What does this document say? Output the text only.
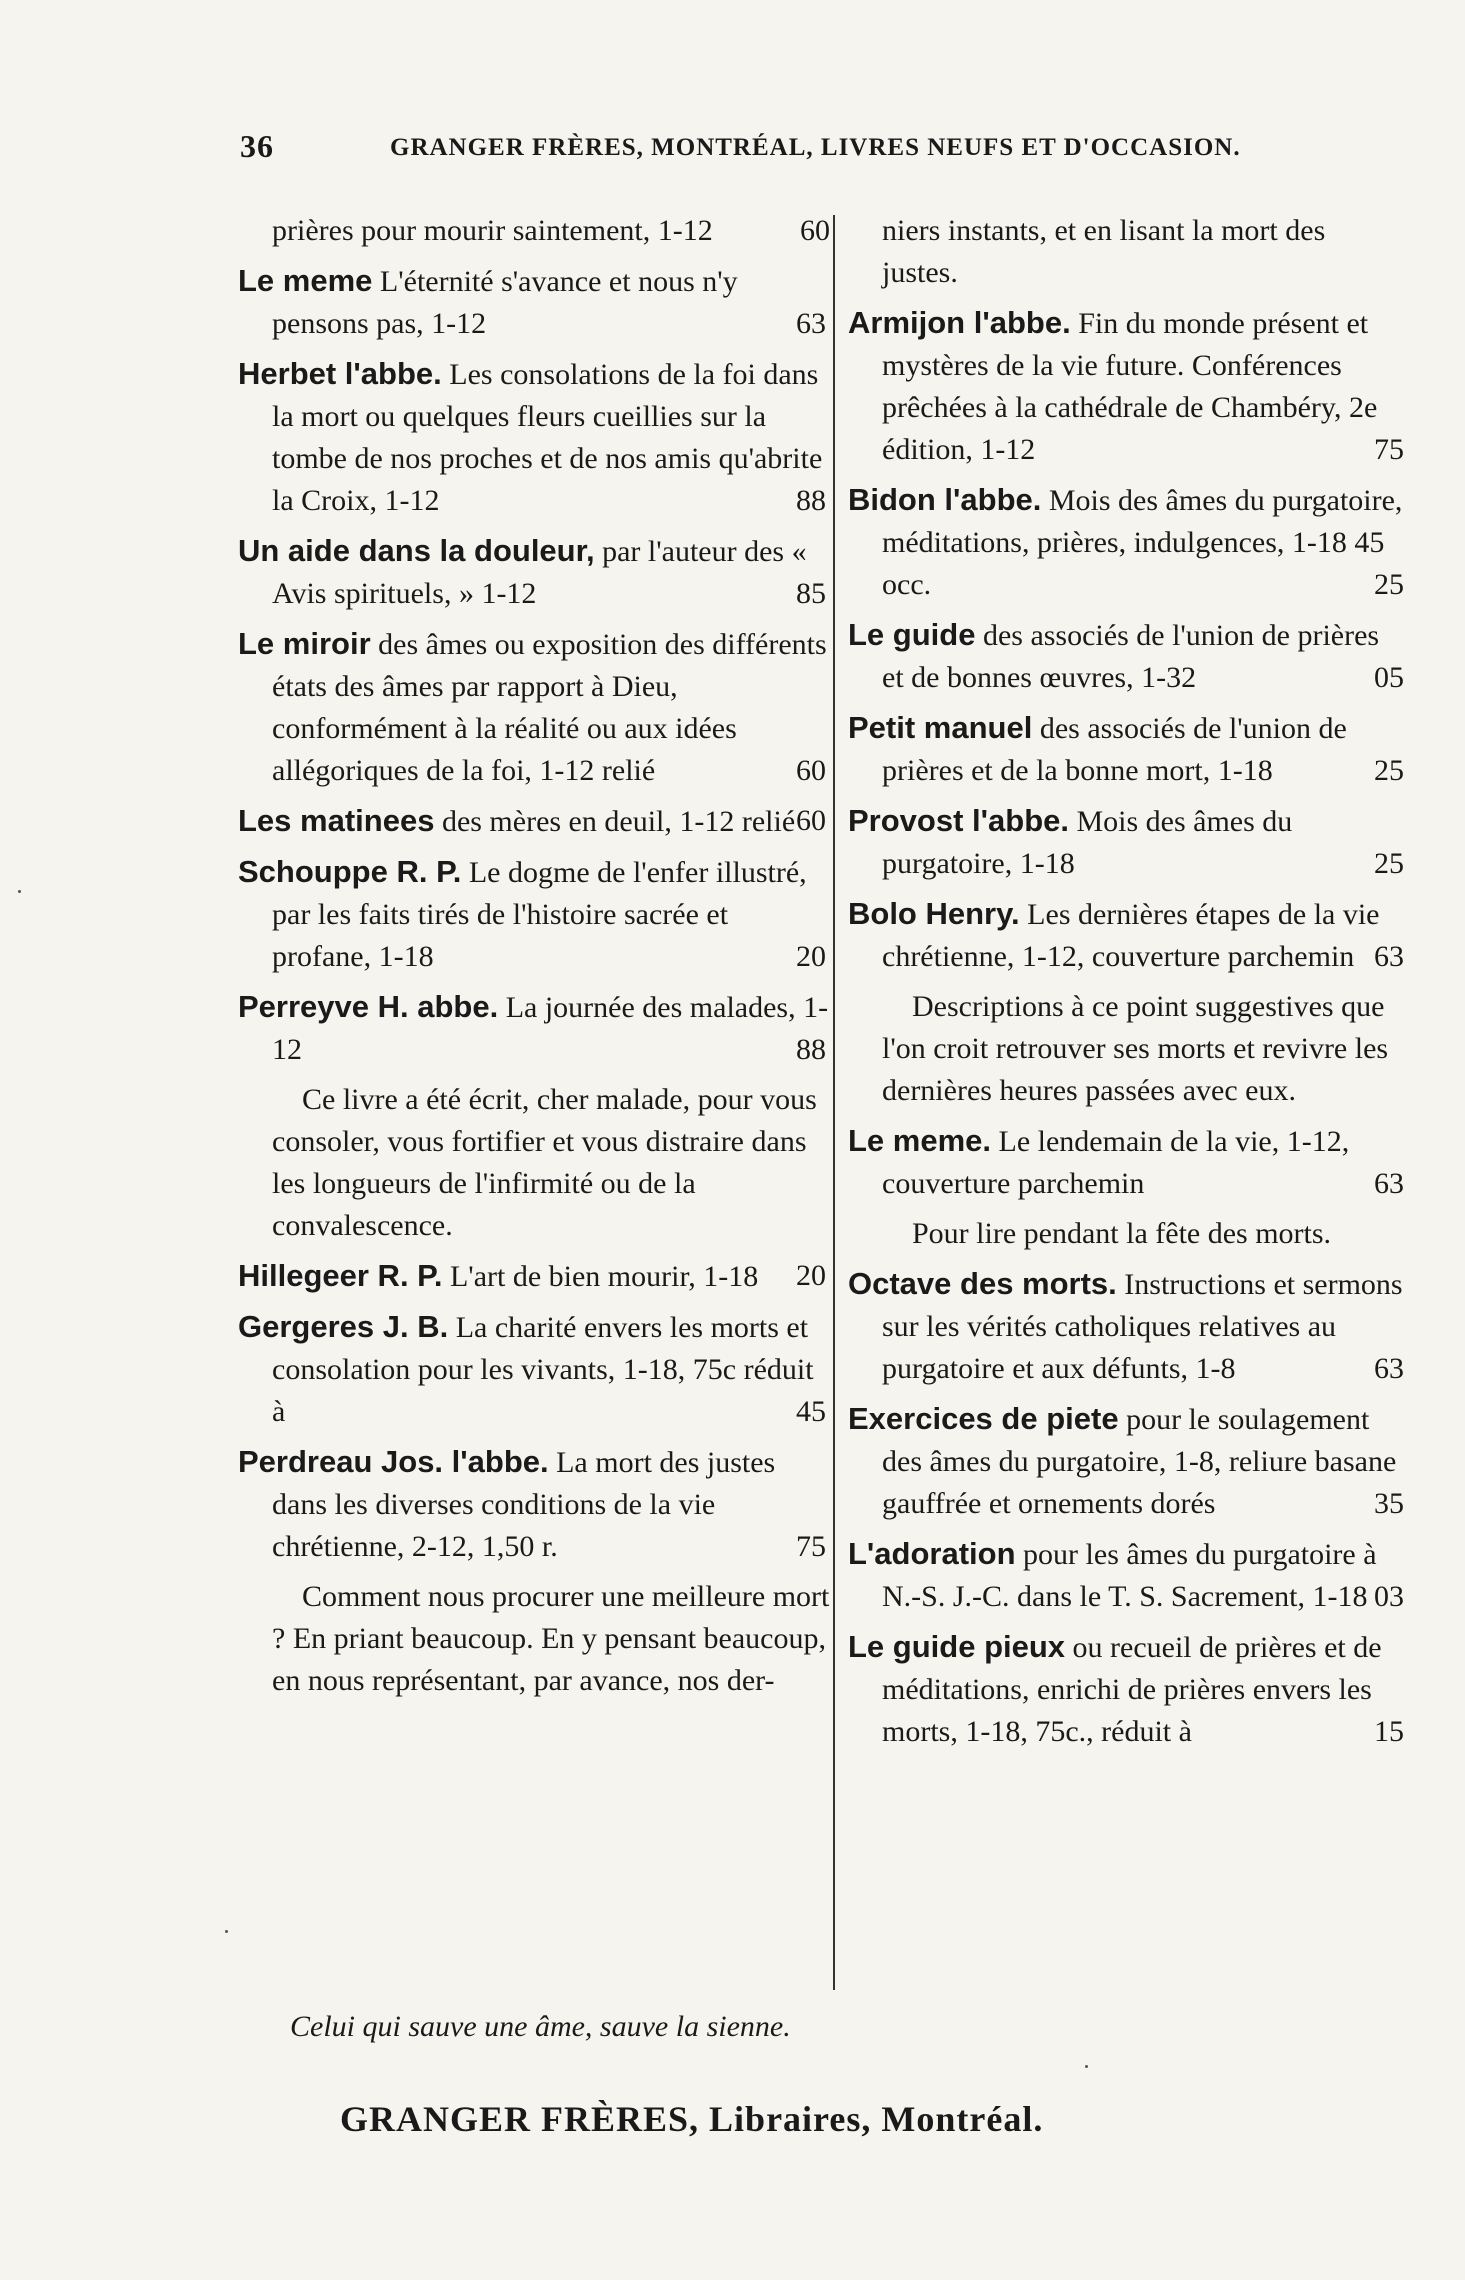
36	GRANGER FRÈRES, MONTRÉAL, LIVRES NEUFS ET D'OCCASION.
prières pour mourir saintement, 1-12	60
Le meme L'éternité s'avance et nous n'y pensons pas, 1-12	63
Herbet l'abbe. Les consolations de la foi dans la mort ou quelques fleurs cueillies sur la tombe de nos proches et de nos amis qu'abrite la Croix, 1-12	88
Un aide dans la douleur, par l'auteur des « Avis spirituels, » 1-12	85
Le miroir des âmes ou exposition des différents états des âmes par rapport à Dieu, conformément à la réalité ou aux idées allégoriques de la foi, 1-12 relié	60
Les matinees des mères en deuil, 1-12 relié 60
Schouppe R. P. Le dogme de l'enfer illustré, par les faits tirés de l'histoire sacrée et profane, 1-18	20
Perreyve H. abbe. La journée des malades, 1-12	88
Ce livre a été écrit, cher malade, pour vous consoler, vous fortifier et vous distraire dans les longueurs de l'infirmité ou de la convalescence.
Hillegeer R. P. L'art de bien mourir, 1-18 20
Gergeres J. B. La charité envers les morts et consolation pour les vivants, 1-18, 75c réduit à	45
Perdreau Jos. l'abbe. La mort des justes dans les diverses conditions de la vie chrétienne, 2-12, 1,50 r.	75
Comment nous procurer une meilleure mort ? En priant beaucoup. En y pensant beaucoup, en nous représentant, par avance, nos der-
niers instants, et en lisant la mort des justes.
Armijon l'abbe. Fin du monde présent et mystères de la vie future. Conférences prêchées à la cathédrale de Chambéry, 2e édition, 1-12	75
Bidon l'abbe. Mois des âmes du purgatoire, méditations, prières, indulgences, 1-18 45 occ.	25
Le guide des associés de l'union de prières et de bonnes œuvres, 1-32	05
Petit manuel des associés de l'union de prières et de la bonne mort, 1-18	25
Provost l'abbe. Mois des âmes du purgatoire, 1-18	25
Bolo Henry. Les dernières étapes de la vie chrétienne, 1-12, couverture parchemin 63
Descriptions à ce point suggestives que l'on croit retrouver ses morts et revivre les dernières heures passées avec eux.
Le meme. Le lendemain de la vie, 1-12, couverture parchemin	63
Pour lire pendant la fête des morts.
Octave des morts. Instructions et sermons sur les vérités catholiques relatives au purgatoire et aux défunts, 1-8	63
Exercices de piete pour le soulagement des âmes du purgatoire, 1-8, reliure basane gauffrée et ornements dorés	35
L'adoration pour les âmes du purgatoire à N.-S. J.-C. dans le T. S. Sacrement, 1-18 03
Le guide pieux ou recueil de prières et de méditations, enrichi de prières envers les morts, 1-18, 75c., réduit à	15
Celui qui sauve une âme, sauve la sienne.
GRANGER FRÈRES, Libraires, Montréal.
